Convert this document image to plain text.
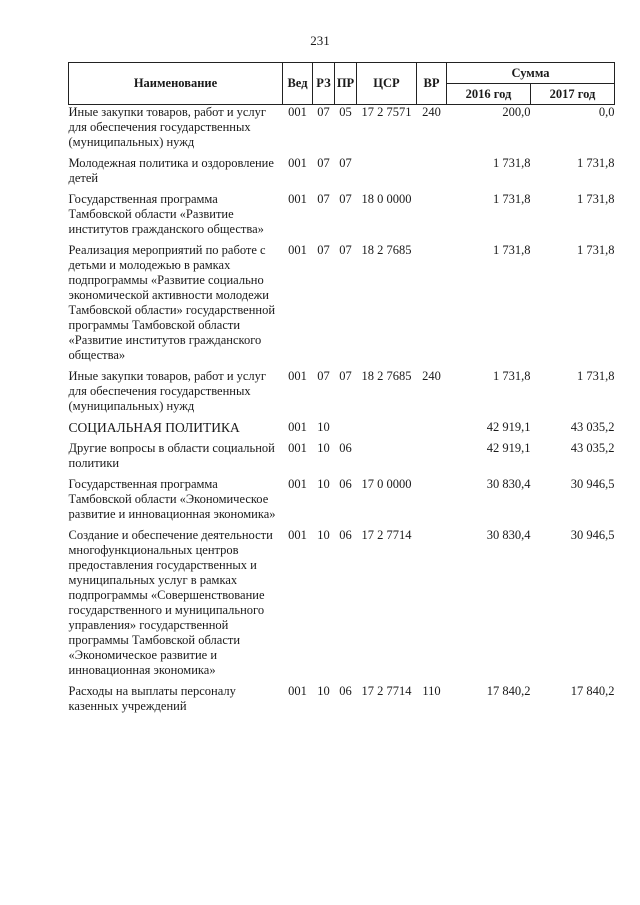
231
Наименование	Вед	РЗ	ПР	ЦСР	ВР	Сумма	
						2016 год	2017 год
Иные закупки товаров, работ и услуг для обеспечения государственных (муниципальных) нужд	001	07	05	17 2 7571	240	200,0	0,0
Молодежная политика и оздоровление детей	001	07	07			1 731,8	1 731,8
Государственная программа Тамбовской области «Развитие институтов гражданского общества»	001	07	07	18 0 0000		1 731,8	1 731,8
Реализация мероприятий по работе с детьми и молодежью в рамках подпрограммы «Развитие социально экономической активности молодежи Тамбовской области» государственной программы Тамбовской области «Развитие институтов гражданского общества»	001	07	07	18 2 7685		1 731,8	1 731,8
Иные закупки товаров, работ и услуг для обеспечения государственных (муниципальных) нужд	001	07	07	18 2 7685	240	1 731,8	1 731,8
СОЦИАЛЬНАЯ ПОЛИТИКА	001	10				42 919,1	43 035,2
Другие вопросы в области социальной политики	001	10	06			42 919,1	43 035,2
Государственная программа Тамбовской области «Экономическое развитие и инновационная экономика»	001	10	06	17 0 0000		30 830,4	30 946,5
Создание и обеспечение деятельности многофункциональных центров предоставления государственных и муниципальных услуг в рамках подпрограммы «Совершенствование государственного и муниципального управления» государственной программы Тамбовской области «Экономическое развитие и инновационная экономика»	001	10	06	17 2 7714		30 830,4	30 946,5
Расходы на выплаты персоналу казенных учреждений	001	10	06	17 2 7714	110	17 840,2	17 840,2
